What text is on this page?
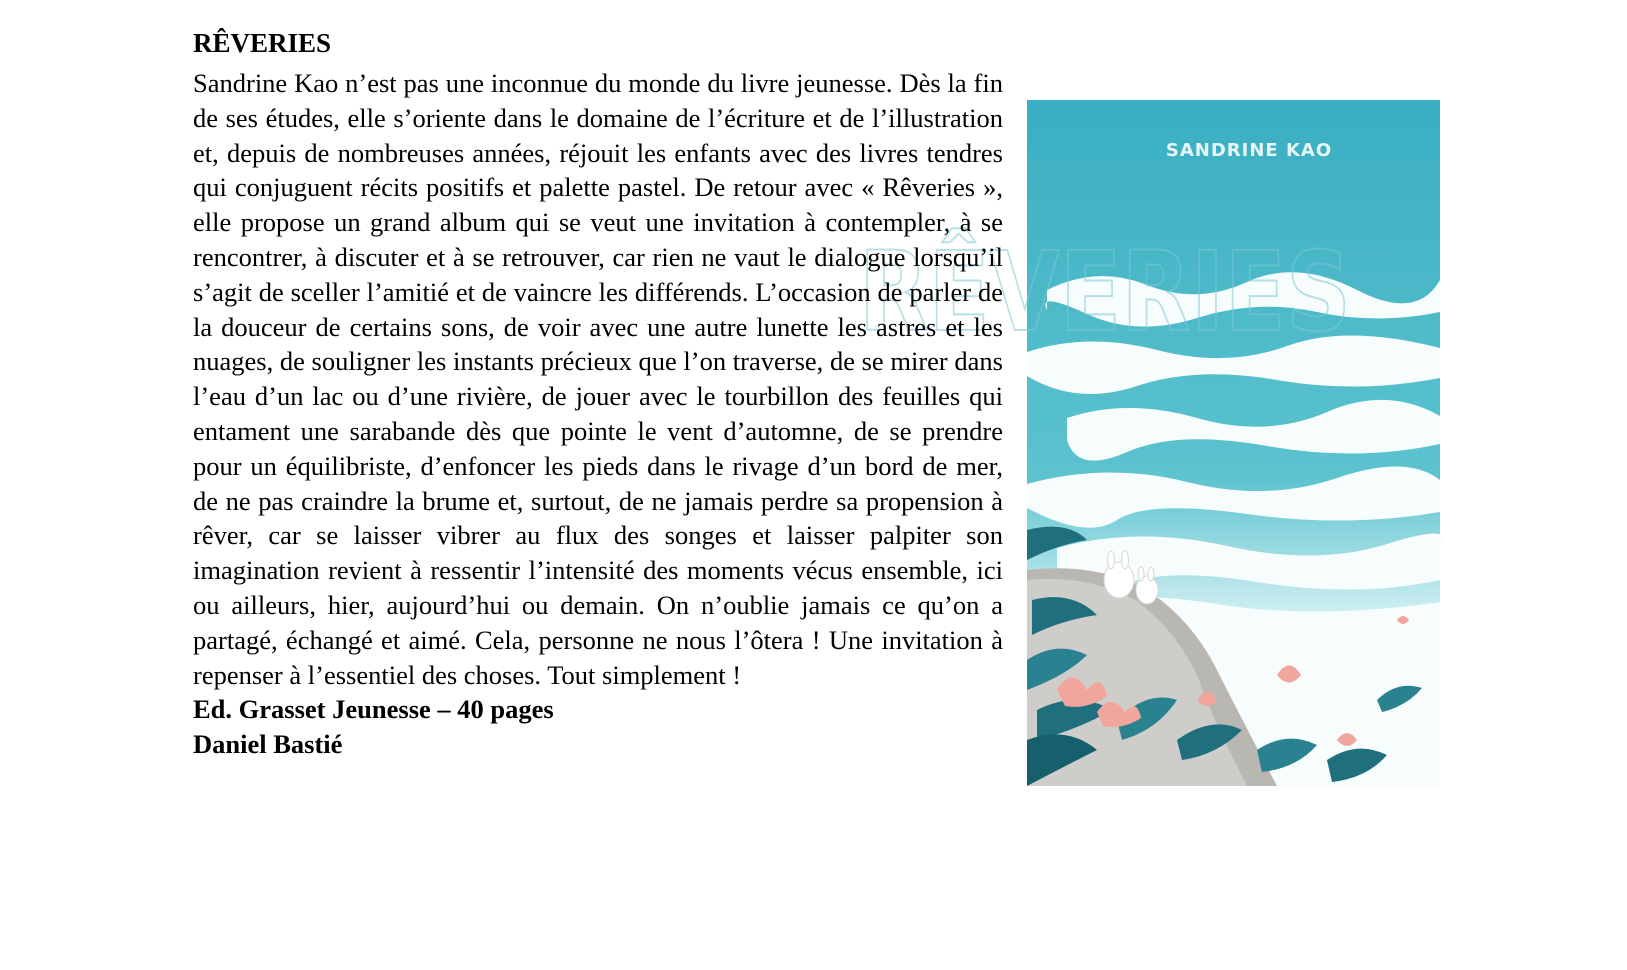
RÊVERIES
SANDRINE KAO
RÊVERIES

Sandrine Kao n’est pas une inconnue du monde du livre jeunesse. Dès la fin de ses études, elle s’oriente dans le domaine de l’écriture et de l’illustration et, depuis de nombreuses années, réjouit les enfants avec des livres tendres qui conjuguent récits positifs et palette pastel. De retour avec « Rêveries », elle propose un grand album qui se veut une invitation à contempler, à se rencontrer, à discuter et à se retrouver, car rien ne vaut le dialogue lorsqu’il s’agit de sceller l’amitié et de vaincre les différends. L’occasion de parler de la douceur de certains sons, de voir avec une autre lunette les astres et les nuages, de souligner les instants précieux que l’on traverse, de se mirer dans l’eau d’un lac ou d’une rivière, de jouer avec le tourbillon des feuilles qui entament une sarabande dès que pointe le vent d’automne, de se prendre pour un équilibriste, d’enfoncer les pieds dans le rivage d’un bord de mer, de ne pas craindre la brume et, surtout, de ne jamais perdre sa propension à rêver, car se laisser vibrer au flux des songes et laisser palpiter son imagination revient à ressentir l’intensité des moments vécus ensemble, ici ou ailleurs, hier, aujourd’hui ou demain. On n’oublie jamais ce qu’on a partagé, échangé et aimé. Cela, personne ne nous l’ôtera ! Une invitation à repenser à l’essentiel des choses. Tout simplement !

Ed. Grasset Jeunesse – 40 pages

Daniel Bastié
